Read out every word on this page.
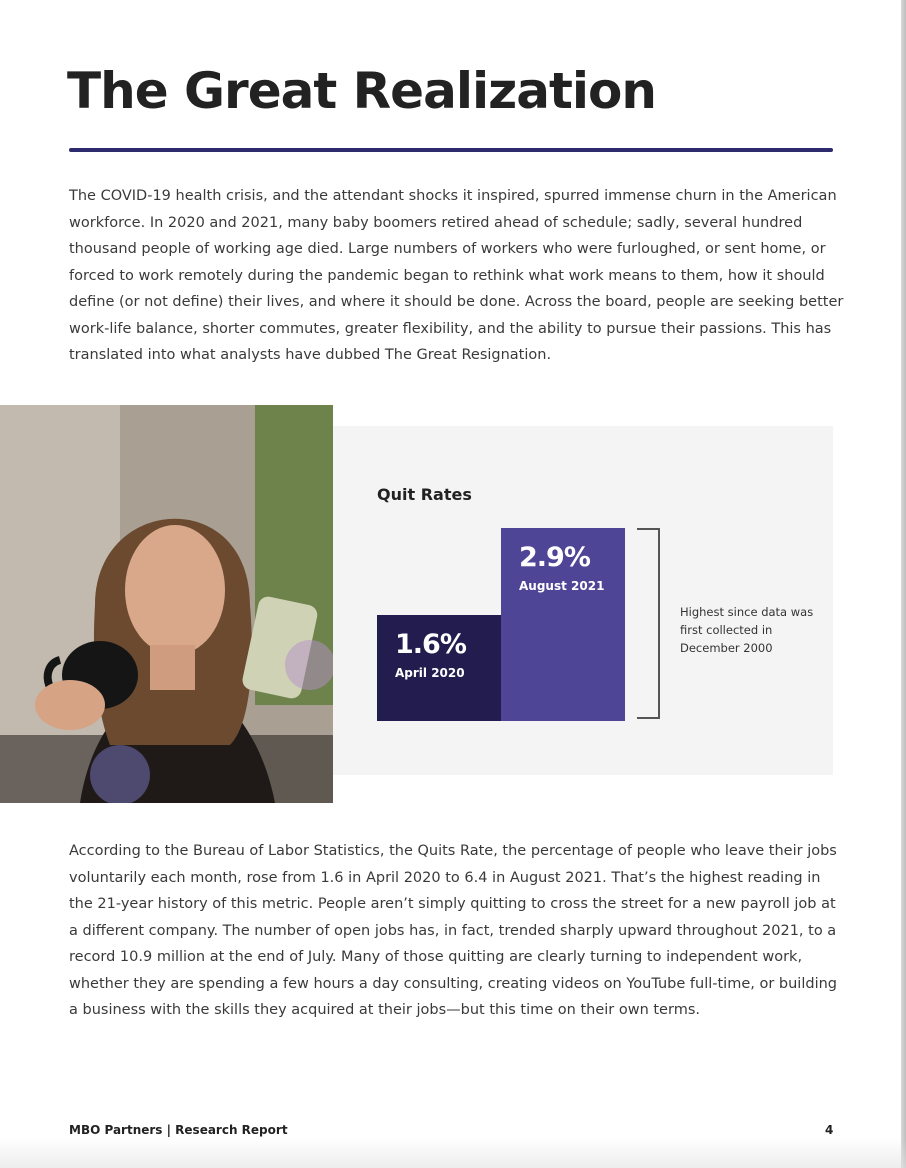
The Great Realization

The COVID-19 health crisis, and the attendant shocks it inspired, spurred immense churn in the American workforce. In 2020 and 2021, many baby boomers retired ahead of schedule; sadly, several hundred thousand people of working age died. Large numbers of workers who were furloughed, or sent home, or forced to work remotely during the pandemic began to rethink what work means to them, how it should define (or not define) their lives, and where it should be done. Across the board, people are seeking better work-life balance, shorter commutes, greater flexibility, and the ability to pursue their passions. This has translated into what analysts have dubbed The Great Resignation.

Quit Rates
1.6%
April 2020
2.9%
August 2021
Highest since data was first collected in December 2000

According to the Bureau of Labor Statistics, the Quits Rate, the percentage of people who leave their jobs voluntarily each month, rose from 1.6 in April 2020 to 6.4 in August 2021. That’s the highest reading in the 21-year history of this metric. People aren’t simply quitting to cross the street for a new payroll job at a different company. The number of open jobs has, in fact, trended sharply upward throughout 2021, to a record 10.9 million at the end of July. Many of those quitting are clearly turning to independent work, whether they are spending a few hours a day consulting, creating videos on YouTube full-time, or building a business with the skills they acquired at their jobs—but this time on their own terms.

MBO Partners | Research Report	4
